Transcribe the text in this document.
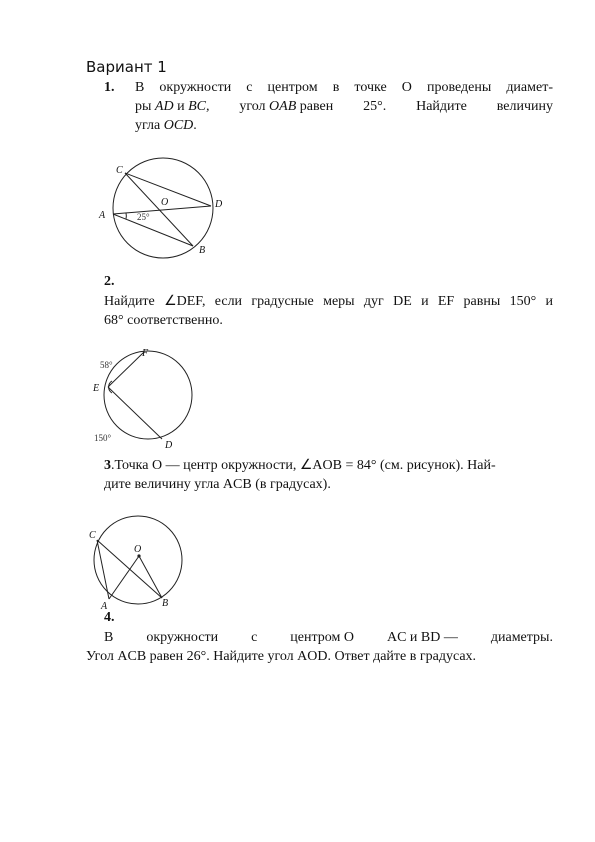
Вариант 1
1. В окружности с центром в точке O проведены диамет-
ры AD и BC, угол OAB равен 25°. Найдите величину
угла OCD.
C
O	D
A
B
25°
2.
Найдите ∠DEF, если градусные меры дуг DE и EF равны 150° и
68° соответственно.
F
E
D
58°
150°
3.Точка O — центр окружности, ∠AOB = 84° (см. рисунок). Най-
дите величину угла ACB (в градусах).
C
O
A	B
4.
В окружности с центром O AC и BD — диаметры.
Угол ACB равен 26°. Найдите угол AOD. Ответ дайте в градусах.
